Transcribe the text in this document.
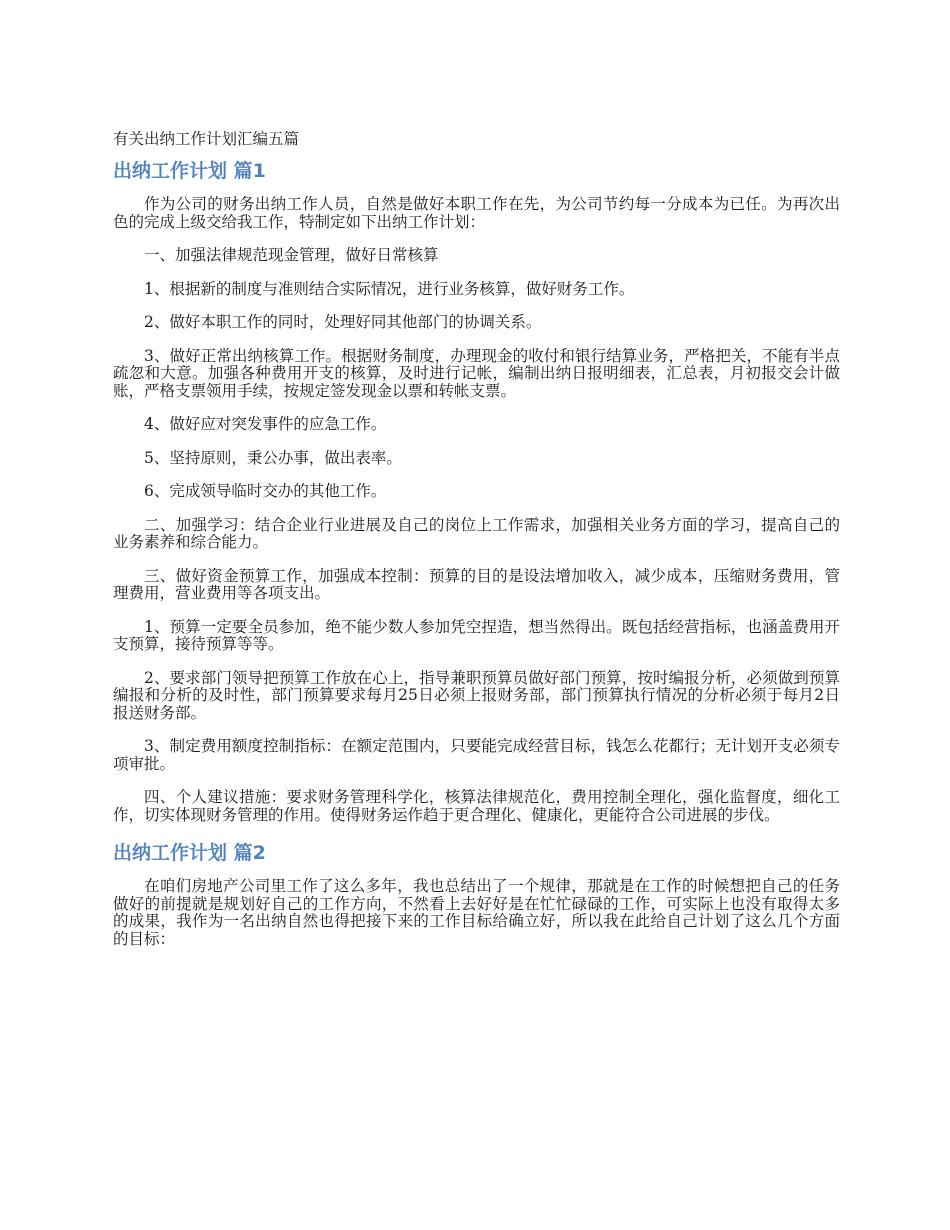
有关出纳工作计划汇编五篇
出纳工作计划 篇1

作为公司的财务出纳工作人员，自然是做好本职工作在先，为公司节约每一分成本为已任。为再次出色的完成上级交给我工作，特制定如下出纳工作计划：

一、加强法律规范现金管理，做好日常核算

1、根据新的制度与准则结合实际情况，进行业务核算，做好财务工作。

2、做好本职工作的同时，处理好同其他部门的协调关系。

3、做好正常出纳核算工作。根据财务制度，办理现金的收付和银行结算业务，严格把关，不能有半点疏忽和大意。加强各种费用开支的核算，及时进行记帐，编制出纳日报明细表，汇总表，月初报交会计做账，严格支票领用手续，按规定签发现金以票和转帐支票。

4、做好应对突发事件的应急工作。

5、坚持原则，秉公办事，做出表率。

6、完成领导临时交办的其他工作。

二、加强学习：结合企业行业进展及自己的岗位上工作需求，加强相关业务方面的学习，提高自己的业务素养和综合能力。

三、做好资金预算工作，加强成本控制：预算的目的是设法增加收入，减少成本，压缩财务费用，管理费用，营业费用等各项支出。

1、预算一定要全员参加，绝不能少数人参加凭空捏造，想当然得出。既包括经营指标，也涵盖费用开支预算，接待预算等等。

2、要求部门领导把预算工作放在心上，指导兼职预算员做好部门预算，按时编报分析，必须做到预算编报和分析的及时性，部门预算要求每月25日必须上报财务部，部门预算执行情况的分析必须于每月2日报送财务部。

3、制定费用额度控制指标：在额定范围内，只要能完成经营目标，钱怎么花都行；无计划开支必须专项审批。

四、个人建议措施：要求财务管理科学化，核算法律规范化，费用控制全理化，强化监督度，细化工作，切实体现财务管理的作用。使得财务运作趋于更合理化、健康化，更能符合公司进展的步伐。

出纳工作计划 篇2

在咱们房地产公司里工作了这么多年，我也总结出了一个规律，那就是在工作的时候想把自己的任务做好的前提就是规划好自己的工作方向，不然看上去好好是在忙忙碌碌的工作，可实际上也没有取得太多的成果，我作为一名出纳自然也得把接下来的工作目标给确立好，所以我在此给自己计划了这么几个方面的目标：
